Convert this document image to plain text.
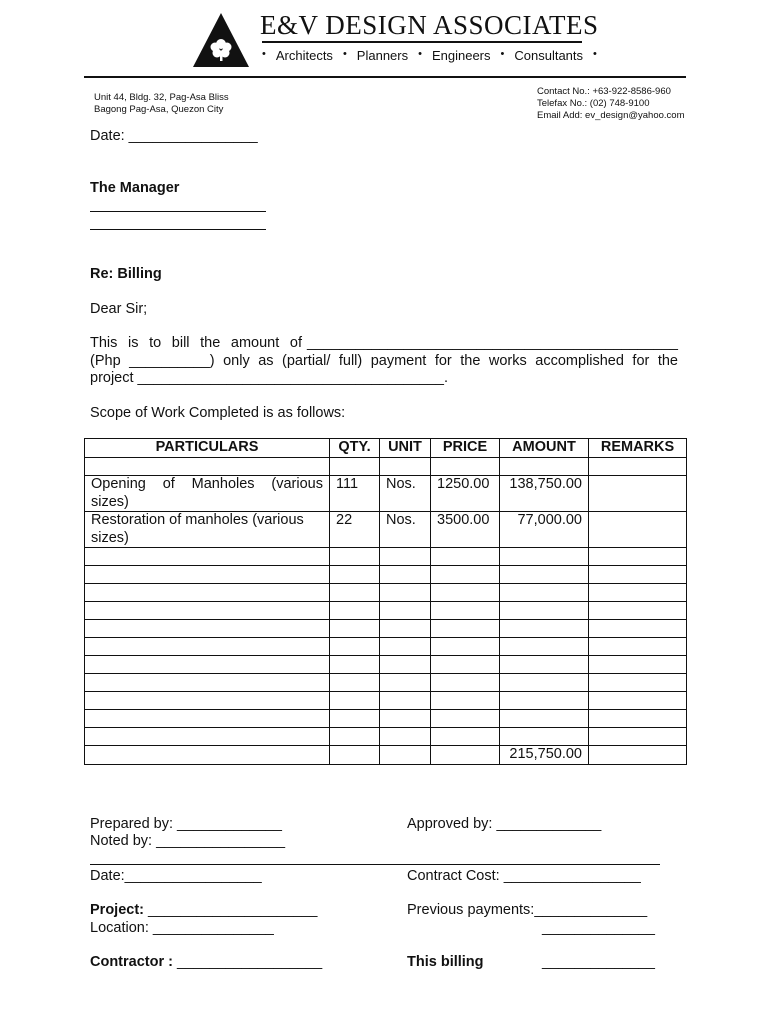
E&V DESIGN ASSOCIATES
• Architects • Planners • Engineers • Consultants •
Unit 44, Bldg. 32, Pag-Asa Bliss
Bagong Pag-Asa, Quezon City
Contact No.: +63-922-8586-960
Telefax No.: (02) 748-9100
Email Add: ev_design@yahoo.com
Date: ________________
The Manager
Re: Billing
Dear Sir;
This is to bill the amount of ______________________________________________
(Php __________) only as (partial/ full) payment for the works accomplished for the
project ______________________________________.
Scope of Work Completed is as follows:
PARTICULARS	QTY.	UNIT	PRICE	AMOUNT	REMARKS

Opening of Manholes (various sizes)	111	Nos.	1250.00	138,750.00	
Restoration of manholes (various sizes)	22	Nos.	3500.00	77,000.00	

				215,750.00	
Prepared by: _____________	Approved by: _____________
Noted by: ________________
Date:_________________	Contract Cost: _________________
Project: _____________________	Previous payments:______________
Location: _______________	______________
Contractor : __________________	This billing	______________
